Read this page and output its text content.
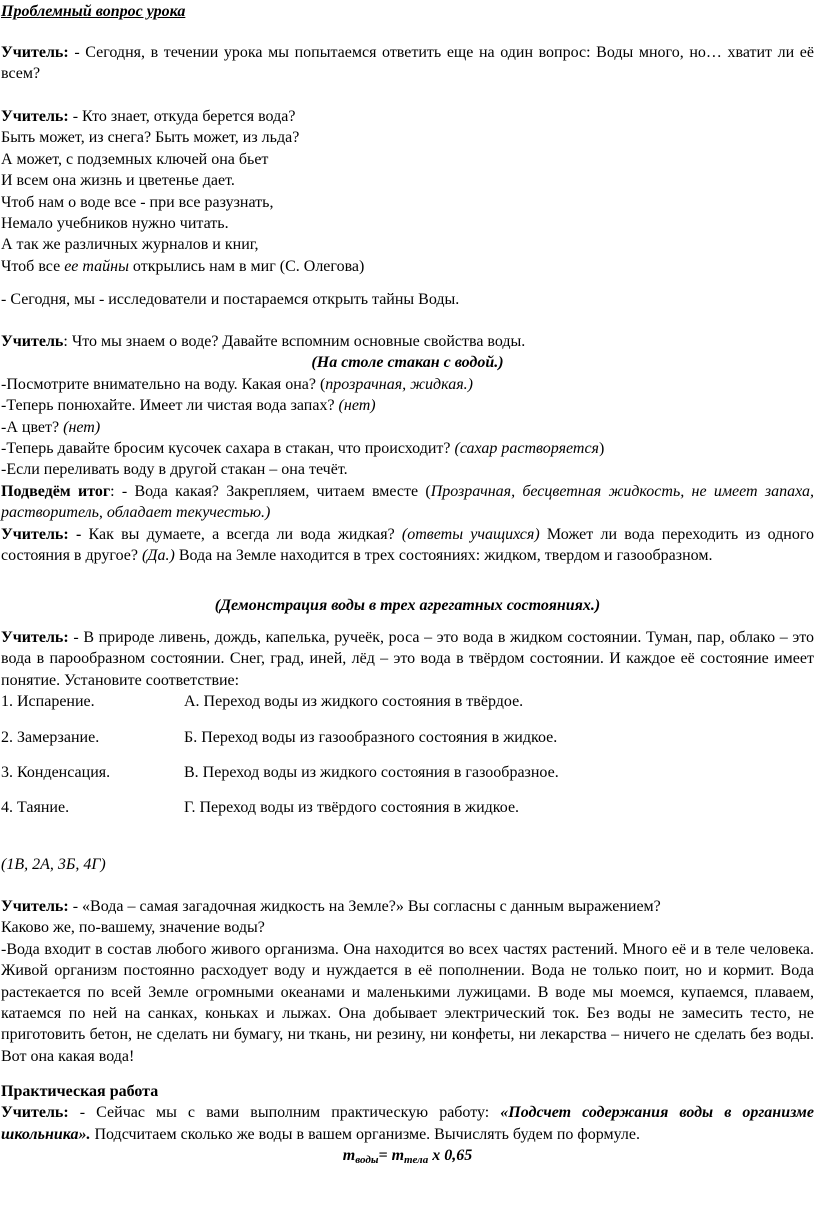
Проблемный вопрос урока

Учитель: - Сегодня, в течении урока мы попытаемся ответить еще на один вопрос: Воды много, но… хватит ли её всем?

Учитель: - Кто знает, откуда берется вода?

Быть может, из снега? Быть может, из льда?

А может, с подземных ключей она бьет

И всем она жизнь и цветенье дает.

Чтоб нам о воде все - при все разузнать,

Немало учебников нужно читать.

А так же различных журналов и книг,

Чтоб все ее тайны открылись нам в миг (С. Олегова)

- Сегодня, мы - исследователи и постараемся открыть тайны Воды.

Учитель: Что мы знаем о воде? Давайте вспомним основные свойства воды.

(На столе стакан с водой.)

-Посмотрите внимательно на воду. Какая она? (прозрачная, жидкая.)

-Теперь понюхайте. Имеет ли чистая вода запах? (нет)

-А цвет? (нет)

-Теперь давайте бросим кусочек сахара в стакан, что происходит? (сахар растворяется)

-Если переливать воду в другой стакан – она течёт.

Подведём итог: - Вода какая? Закрепляем, читаем вместе (Прозрачная, бесцветная жидкость, не имеет запаха, растворитель, обладает текучестью.)

Учитель: - Как вы думаете, а всегда ли вода жидкая? (ответы учащихся) Может ли вода переходить из одного состояния в другое? (Да.) Вода на Земле находится в трех состояниях: жидком, твердом и газообразном.

(Демонстрация воды в трех агрегатных состояниях.)

Учитель: - В природе ливень, дождь, капелька, ручеёк, роса – это вода в жидком состоянии. Туман, пар, облако – это вода в парообразном состоянии. Снег, град, иней, лёд – это вода в твёрдом состоянии. И каждое её состояние имеет понятие. Установите соответствие:

1. Испарение.	А. Переход воды из жидкого состояния в твёрдое.
2. Замерзание.	Б. Переход воды из газообразного состояния в жидкое.
3. Конденсация.	В. Переход воды из жидкого состояния в газообразное.
4. Таяние.	Г. Переход воды из твёрдого состояния в жидкое.

(1В, 2А, 3Б, 4Г)

Учитель: - «Вода – самая загадочная жидкость на Земле?» Вы согласны с данным выражением?

Каково же, по-вашему, значение воды?

-Вода входит в состав любого живого организма. Она находится во всех частях растений. Много её и в теле человека. Живой организм постоянно расходует воду и нуждается в её пополнении. Вода не только поит, но и кормит. Вода растекается по всей Земле огромными океанами и маленькими лужицами. В воде мы моемся, купаемся, плаваем, катаемся по ней на санках, коньках и лыжах. Она добывает электрический ток. Без воды не замесить тесто, не приготовить бетон, не сделать ни бумагу, ни ткань, ни резину, ни конфеты, ни лекарства – ничего не сделать без воды. Вот она какая вода!

Практическая работа

Учитель: - Сейчас мы с вами выполним практическую работу: «Подсчет содержания воды в организме школьника». Подсчитаем сколько же воды в вашем организме. Вычислять будем по формуле.

$m_{воды}= m_{тела}$ х 0,65
